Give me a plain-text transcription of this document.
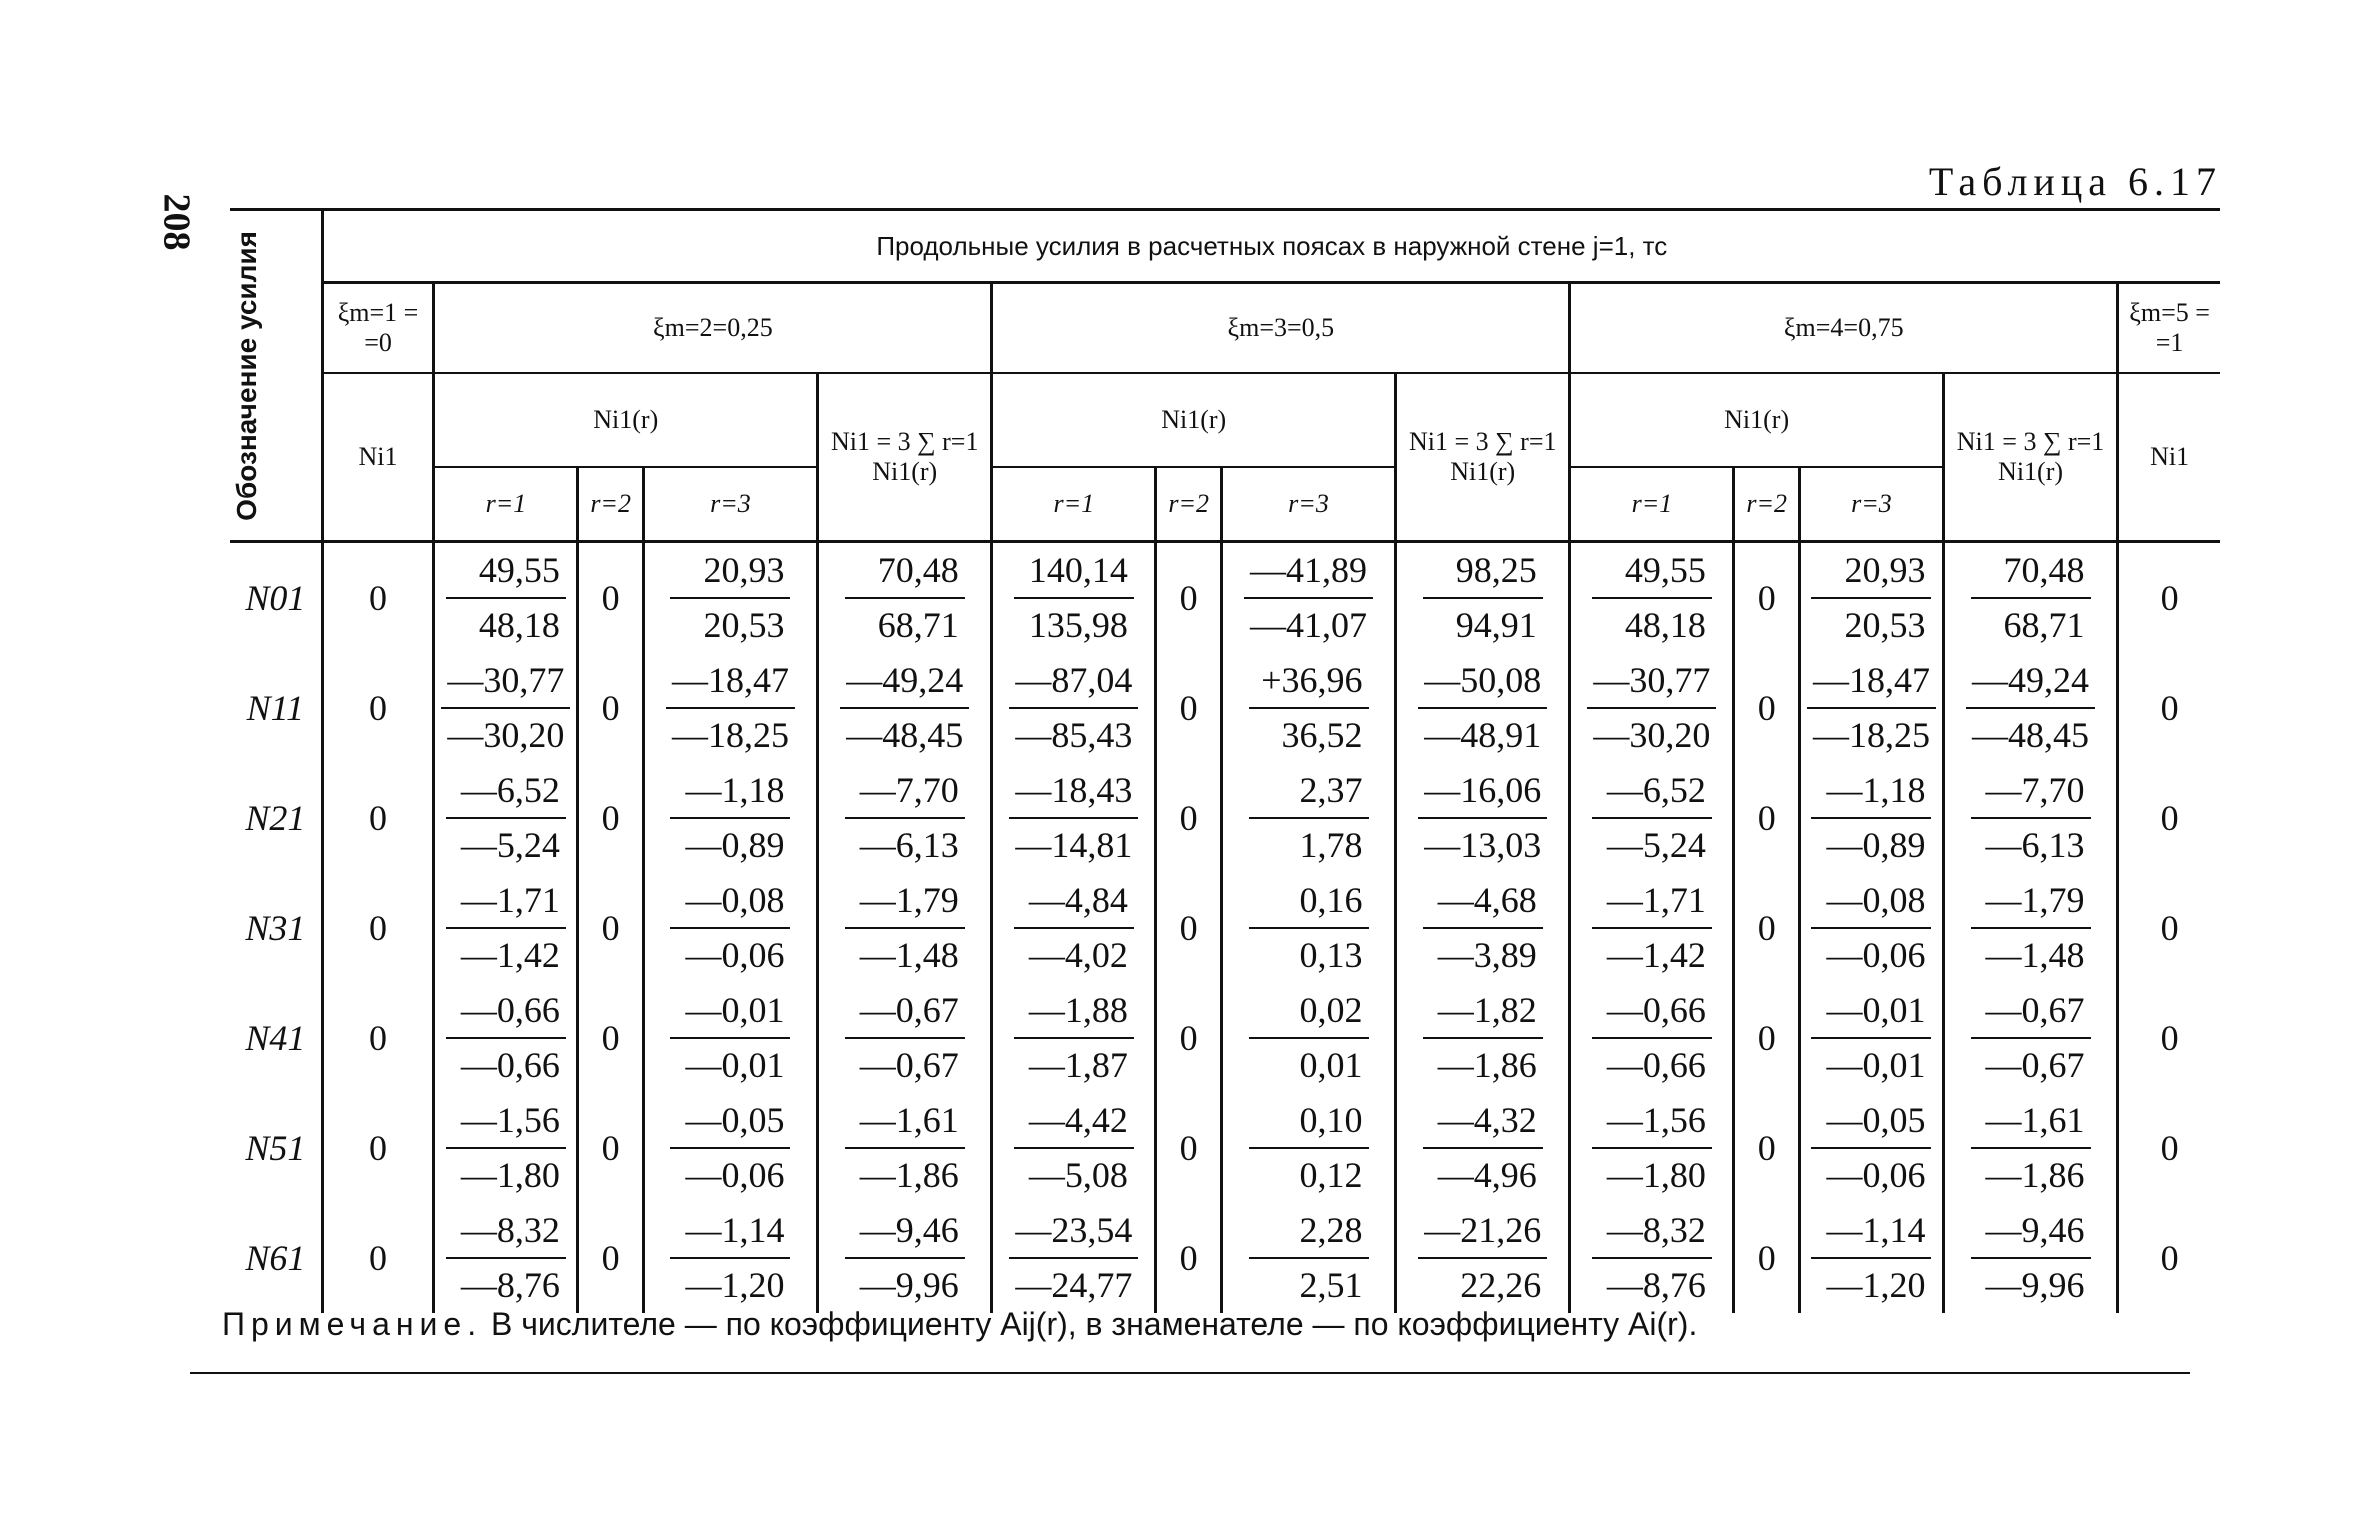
208
Таблица 6.17
Обозначение усилия	Продольные усилия в расчетных поясах в наружной стене j=1, тс													
	ξm=1 = =0	ξm=2=0,25				ξm=3=0,5				ξm=4=0,75				ξm=5 = =1
	Ni1	Ni1(r)			Ni1 = 3 ∑ r=1 Ni1(r)	Ni1(r)			Ni1 = 3 ∑ r=1 Ni1(r)	Ni1(r)			Ni1 = 3 ∑ r=1 Ni1(r)	Ni1
		r=1	r=2	r=3		r=1	r=2	r=3		r=1	r=2	r=3		
N01	0	$\frac{49,55}{48,18}$	0	$\frac{20,93}{20,53}$	$\frac{70,48}{68,71}$	$\frac{140,14}{135,98}$	0	$\frac{—41,89}{—41,07}$	$\frac{98,25}{94,91}$	$\frac{49,55}{48,18}$	0	$\frac{20,93}{20,53}$	$\frac{70,48}{68,71}$	0
N11	0	$\frac{—30,77}{—30,20}$	0	$\frac{—18,47}{—18,25}$	$\frac{—49,24}{—48,45}$	$\frac{—87,04}{—85,43}$	0	$\frac{+36,96}{36,52}$	$\frac{—50,08}{—48,91}$	$\frac{—30,77}{—30,20}$	0	$\frac{—18,47}{—18,25}$	$\frac{—49,24}{—48,45}$	0
N21	0	$\frac{—6,52}{—5,24}$	0	$\frac{—1,18}{—0,89}$	$\frac{—7,70}{—6,13}$	$\frac{—18,43}{—14,81}$	0	$\frac{2,37}{1,78}$	$\frac{—16,06}{—13,03}$	$\frac{—6,52}{—5,24}$	0	$\frac{—1,18}{—0,89}$	$\frac{—7,70}{—6,13}$	0
N31	0	$\frac{—1,71}{—1,42}$	0	$\frac{—0,08}{—0,06}$	$\frac{—1,79}{—1,48}$	$\frac{—4,84}{—4,02}$	0	$\frac{0,16}{0,13}$	$\frac{—4,68}{—3,89}$	$\frac{—1,71}{—1,42}$	0	$\frac{—0,08}{—0,06}$	$\frac{—1,79}{—1,48}$	0
N41	0	$\frac{—0,66}{—0,66}$	0	$\frac{—0,01}{—0,01}$	$\frac{—0,67}{—0,67}$	$\frac{—1,88}{—1,87}$	0	$\frac{0,02}{0,01}$	$\frac{—1,82}{—1,86}$	$\frac{—0,66}{—0,66}$	0	$\frac{—0,01}{—0,01}$	$\frac{—0,67}{—0,67}$	0
N51	0	$\frac{—1,56}{—1,80}$	0	$\frac{—0,05}{—0,06}$	$\frac{—1,61}{—1,86}$	$\frac{—4,42}{—5,08}$	0	$\frac{0,10}{0,12}$	$\frac{—4,32}{—4,96}$	$\frac{—1,56}{—1,80}$	0	$\frac{—0,05}{—0,06}$	$\frac{—1,61}{—1,86}$	0
N61	0	$\frac{—8,32}{—8,76}$	0	$\frac{—1,14}{—1,20}$	$\frac{—9,46}{—9,96}$	$\frac{—23,54}{—24,77}$	0	$\frac{2,28}{2,51}$	$\frac{—21,26}{22,26}$	$\frac{—8,32}{—8,76}$	0	$\frac{—1,14}{—1,20}$	$\frac{—9,46}{—9,96}$	0
Примечание. В числителе — по коэффициенту Aij(r), в знаменателе — по коэффициенту Ai(r).
